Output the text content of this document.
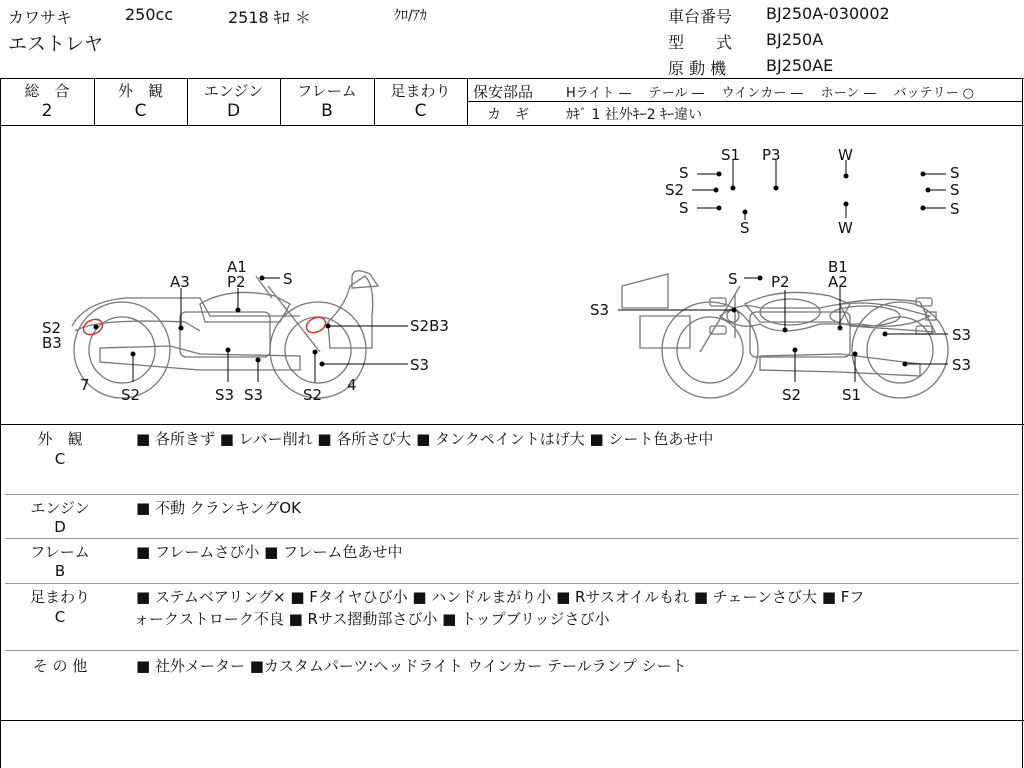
カワサキ	250cc	2518 ｷﾛ ＊	ｸﾛ/ｱｶ
エストレヤ
車台番号 BJ250A-030002
型　　式 BJ250A
原 動 機 BJ250AE
総　合
2
外　観
C
エンジン
D
フレーム
B
足まわり
C
保安部品	Hライト —　 テール —　 ウインカー —　 ホーン —　 バッテリー ○
カ　ギ	ｶｷﾞ 1 社外ｷｰ2 ｷｰ違い
S
S2
S
S1 P3	W
S	W
S
S
S
A1
P2 S
A3
S2
B3
S2B3
S3
7
S2	S3 S3	S2
4
B1
A2
S P2
S3
S3
S3
S2	S1
外　観
C
■ 各所きず ■ レバー削れ ■ 各所さび大 ■ タンクペイントはげ大 ■ シート色あせ中
エンジン
D
■ 不動 クランキングOK
フレーム
B
■ フレームさび小 ■ フレーム色あせ中
足まわり
C
■ ステムベアリング× ■ Fタイヤひび小 ■ ハンドルまがり小 ■ Rサスオイルもれ ■ チェーンさび大 ■ Fフ
ォークストローク不良 ■ Rサス摺動部さび小 ■ トップブリッジさび小
そ の 他	■ 社外メーター ■カスタムパーツ:ヘッドライト ウインカー テールランプ シート
